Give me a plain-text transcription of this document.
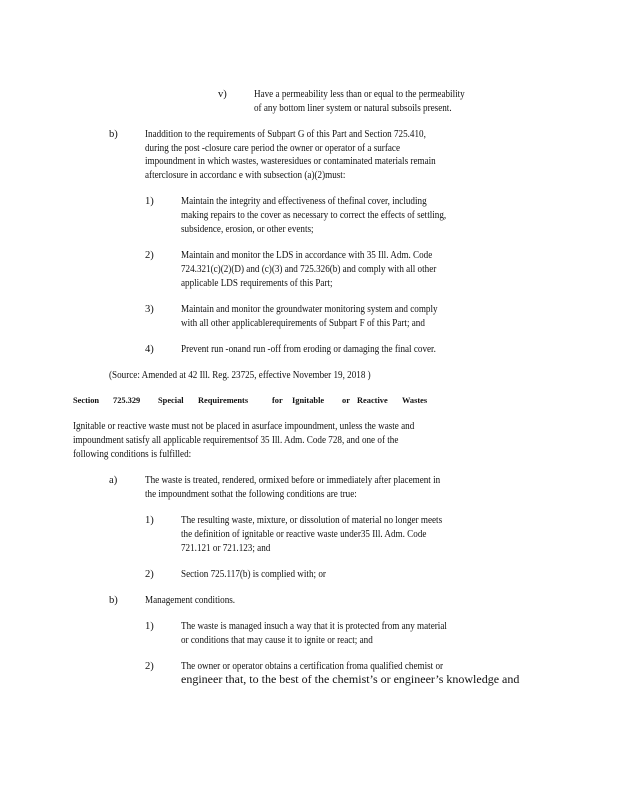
v)	Have a permeability less than or equal to the permeability
of any bottom liner system or natural subsoils present.
b)	Inaddition to the requirements of Subpart G of this Part and Section 725.410,
during the post -closure care period the owner or operator of a surface
impoundment in which wastes, wasteresidues or contaminated materials remain
afterclosure in accordanc e with subsection (a)(2)must:
1)	Maintain the integrity and effectiveness of thefinal cover, including
making repairs to the cover as necessary to correct the effects of settling,
subsidence, erosion, or other events;
2)	Maintain and monitor the LDS in accordance with 35 Ill. Adm. Code
724.321(c)(2)(D) and (c)(3) and 725.326(b) and comply with all other
applicable LDS requirements of this Part;
3)	Maintain and monitor the groundwater monitoring system and comply
with all other applicablerequirements of Subpart F of this Part; and
4)	Prevent run -onand run -off from eroding or damaging the final cover.
(Source: Amended at 42 Ill. Reg. 23725, effective November 19, 2018 )
Section 725.329 Special Requirements	for Ignitable or Reactive Wastes
Ignitable or reactive waste must not be placed in asurface impoundment, unless the waste and
impoundment satisfy all applicable requirementsof 35 Ill. Adm. Code 728, and one of the
following conditions is fulfilled:
a)	The waste is treated, rendered, ormixed before or immediately after placement in
the impoundment sothat the following conditions are true:
1)	The resulting waste, mixture, or dissolution of material no longer meets
the definition of ignitable or reactive waste under35 Ill. Adm. Code
721.121 or 721.123; and
2)	Section 725.117(b) is complied with; or
b)	Management conditions.
1)	The waste is managed insuch a way that it is protected from any material
or conditions that may cause it to ignite or react; and
2)	The owner or operator obtains a certification froma qualified chemist or
engineer that, to the best of the chemist’s or engineer’s knowledge and
